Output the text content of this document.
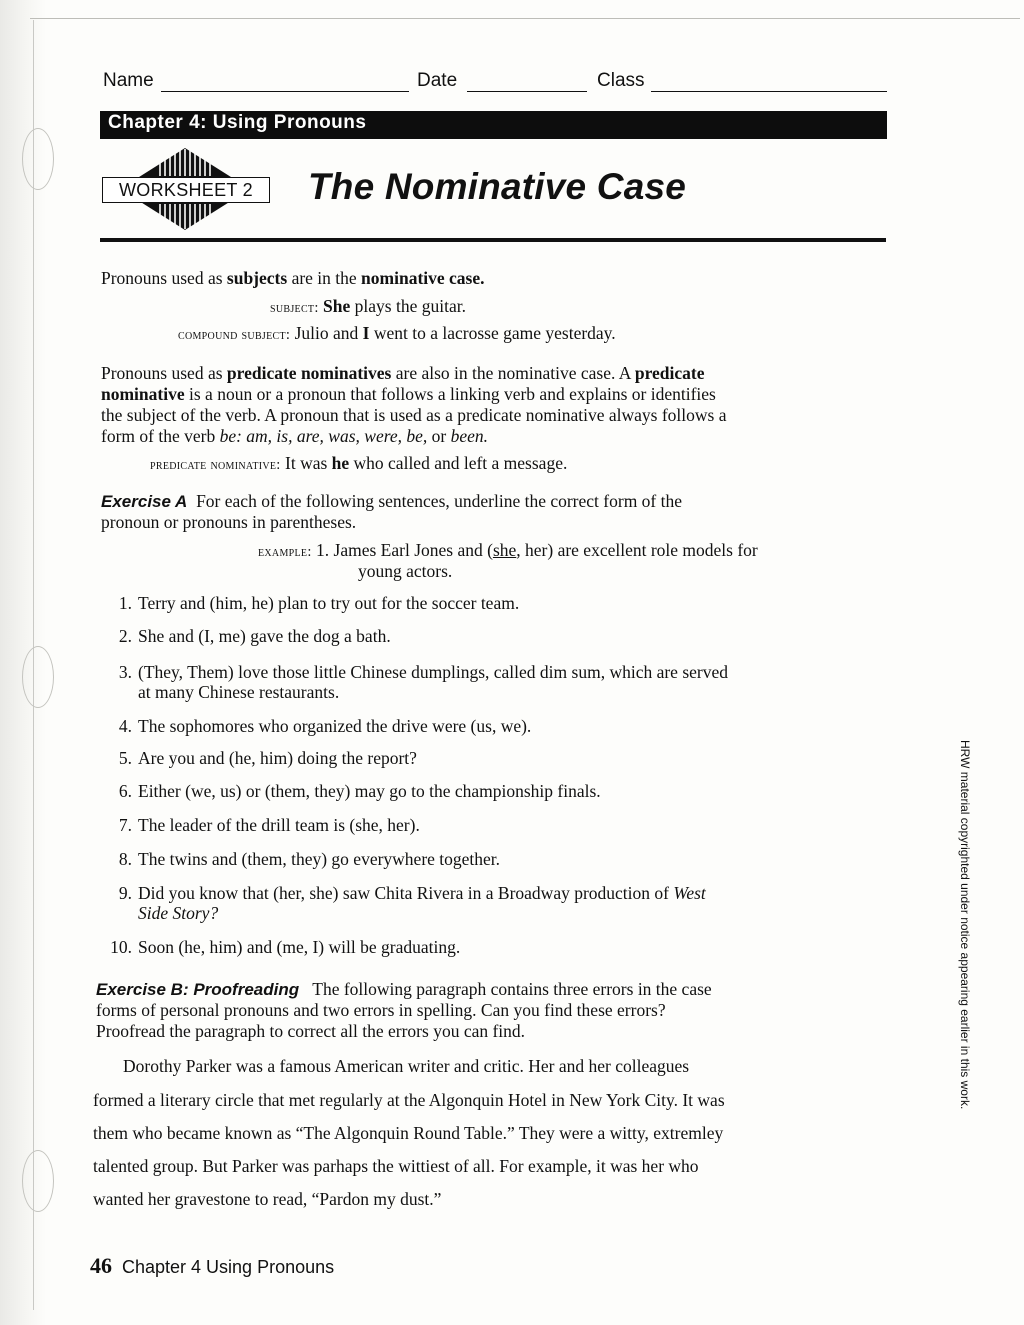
Name	Date	Class
Chapter 4: Using Pronouns
WORKSHEET 2	The Nominative Case
Pronouns used as subjects are in the nominative case.
subject: She plays the guitar.
compound subject: Julio and I went to a lacrosse game yesterday.
Pronouns used as predicate nominatives are also in the nominative case. A predicate
nominative is a noun or a pronoun that follows a linking verb and explains or identifies
the subject of the verb. A pronoun that is used as a predicate nominative always follows a
form of the verb be: am, is, are, was, were, be, or been.
predicate nominative: It was he who called and left a message.
Exercise A For each of the following sentences, underline the correct form of the
pronoun or pronouns in parentheses.
example: 1. James Earl Jones and (she, her) are excellent role models for
young actors.
1. Terry and (him, he) plan to try out for the soccer team.
2. She and (I, me) gave the dog a bath.
3. (They, Them) love those little Chinese dumplings, called dim sum, which are served
at many Chinese restaurants.
4. The sophomores who organized the drive were (us, we).
5. Are you and (he, him) doing the report?
6. Either (we, us) or (them, they) may go to the championship finals.
7. The leader of the drill team is (she, her).
8. The twins and (them, they) go everywhere together.
9. Did you know that (her, she) saw Chita Rivera in a Broadway production of West
Side Story?
10. Soon (he, him) and (me, I) will be graduating.
Exercise B: Proofreading The following paragraph contains three errors in the case
forms of personal pronouns and two errors in spelling. Can you find these errors?
Proofread the paragraph to correct all the errors you can find.
Dorothy Parker was a famous American writer and critic. Her and her colleagues
formed a literary circle that met regularly at the Algonquin Hotel in New York City. It was
them who became known as “The Algonquin Round Table.” They were a witty, extremley
talented group. But Parker was parhaps the wittiest of all. For example, it was her who
wanted her gravestone to read, “Pardon my dust.”
46 Chapter 4 Using Pronouns
HRW material copyrighted under notice appearing earlier in this work.
